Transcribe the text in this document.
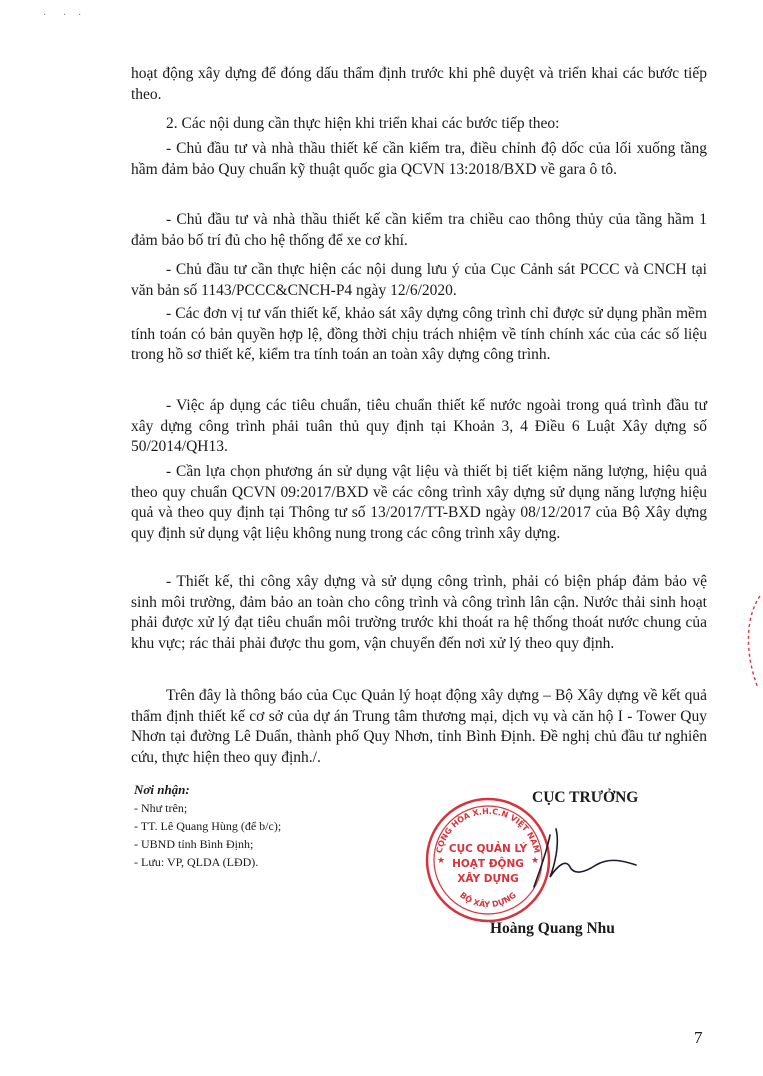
· · ·

hoạt động xây dựng để đóng dấu thẩm định trước khi phê duyệt và triển khai các bước tiếp theo.

2. Các nội dung cần thực hiện khi triển khai các bước tiếp theo:

- Chủ đầu tư và nhà thầu thiết kế cần kiểm tra, điều chỉnh độ dốc của lối xuống tầng hầm đảm bảo Quy chuẩn kỹ thuật quốc gia QCVN 13:2018/BXD về gara ô tô.

- Chủ đầu tư và nhà thầu thiết kế cần kiểm tra chiều cao thông thủy của tầng hầm 1 đảm bảo bố trí đủ cho hệ thống để xe cơ khí.

- Chủ đầu tư cần thực hiện các nội dung lưu ý của Cục Cảnh sát PCCC và CNCH tại văn bản số 1143/PCCC&CNCH-P4 ngày 12/6/2020.

- Các đơn vị tư vấn thiết kế, khảo sát xây dựng công trình chỉ được sử dụng phần mềm tính toán có bản quyền hợp lệ, đồng thời chịu trách nhiệm về tính chính xác của các số liệu trong hồ sơ thiết kế, kiểm tra tính toán an toàn xây dựng công trình.

- Việc áp dụng các tiêu chuẩn, tiêu chuẩn thiết kế nước ngoài trong quá trình đầu tư xây dựng công trình phải tuân thủ quy định tại Khoản 3, 4 Điều 6 Luật Xây dựng số 50/2014/QH13.

- Cần lựa chọn phương án sử dụng vật liệu và thiết bị tiết kiệm năng lượng, hiệu quả theo quy chuẩn QCVN 09:2017/BXD về các công trình xây dựng sử dụng năng lượng hiệu quả và theo quy định tại Thông tư số 13/2017/TT-BXD ngày 08/12/2017 của Bộ Xây dựng quy định sử dụng vật liệu không nung trong các công trình xây dựng.

- Thiết kế, thi công xây dựng và sử dụng công trình, phải có biện pháp đảm bảo vệ sinh môi trường, đảm bảo an toàn cho công trình và công trình lân cận. Nước thải sinh hoạt phải được xử lý đạt tiêu chuẩn môi trường trước khi thoát ra hệ thống thoát nước chung của khu vực; rác thải phải được thu gom, vận chuyển đến nơi xử lý theo quy định.

Trên đây là thông báo của Cục Quản lý hoạt động xây dựng – Bộ Xây dựng về kết quả thẩm định thiết kế cơ sở của dự án Trung tâm thương mại, dịch vụ và căn hộ I - Tower Quy Nhơn tại đường Lê Duẩn, thành phố Quy Nhơn, tỉnh Bình Định. Đề nghị chủ đầu tư nghiên cứu, thực hiện theo quy định./.

Nơi nhận:
- Như trên;
- TT. Lê Quang Hùng (để b/c);
- UBND tỉnh Bình Định;
- Lưu: VP, QLDA (LĐD).
CỤC TRƯỞNG
CỘNG HÒA X.H.C.N VIỆT NAM
CỤC QUẢN LÝ
HOẠT ĐỘNG
XÂY DỰNG
BỘ XÂY DỰNG
★	★
Hoàng Quang Nhu
7
